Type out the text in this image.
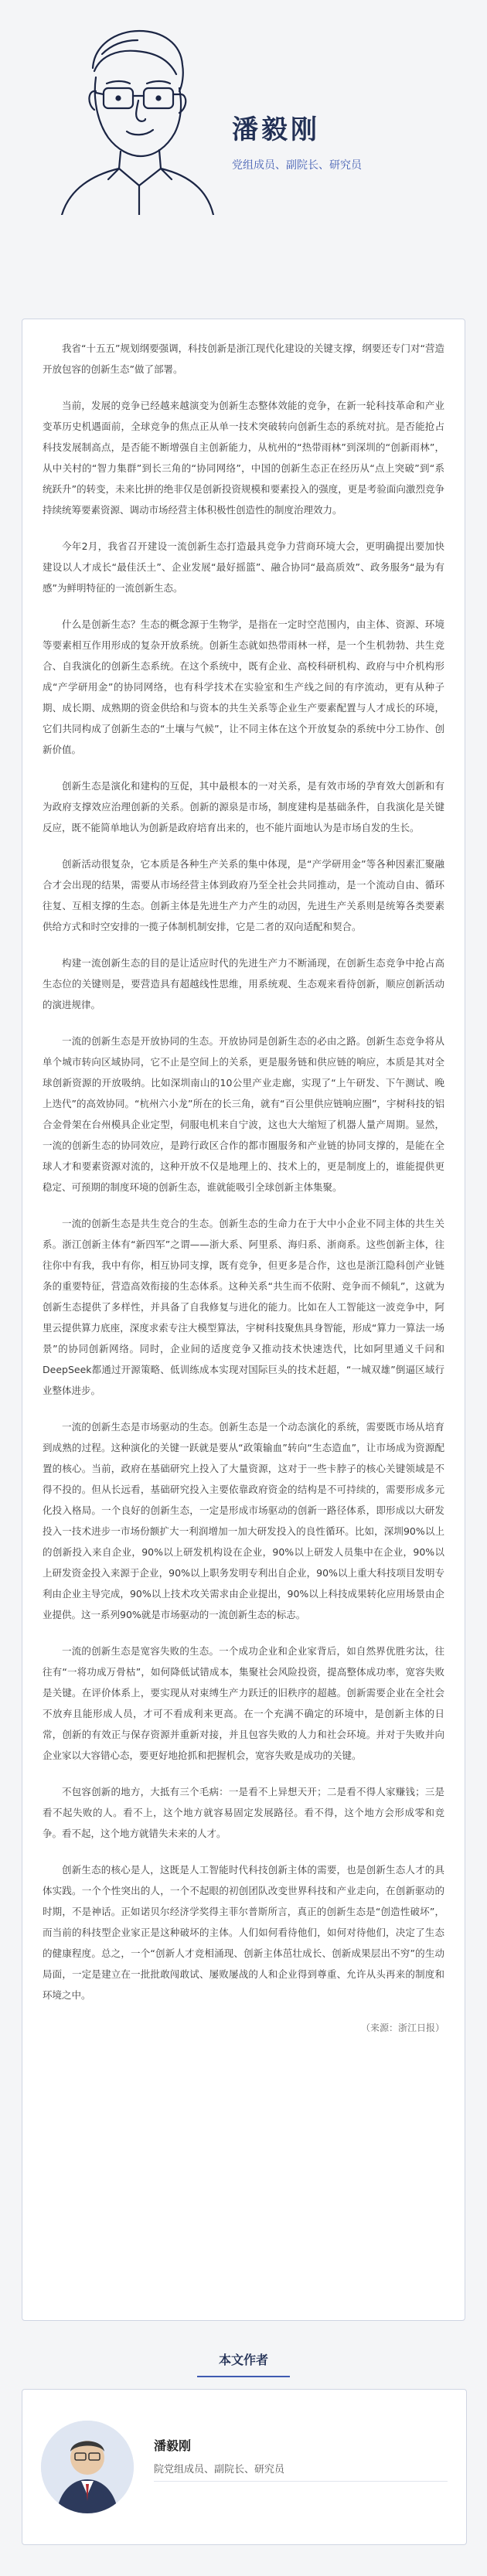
潘毅刚
党组成员、副院长、研究员

我省“十五五”规划纲要强调，科技创新是浙江现代化建设的关键支撑，纲要还专门对“营造开放包容的创新生态”做了部署。

当前，发展的竞争已经越来越演变为创新生态整体效能的竞争，在新一轮科技革命和产业变革历史机遇面前，全球竞争的焦点正从单一技术突破转向创新生态的系统对抗。是否能抢占科技发展制高点，是否能不断增强自主创新能力，从杭州的“热带雨林”到深圳的“创新雨林”，从中关村的“智力集群”到长三角的“协同网络”，中国的创新生态正在经历从“点上突破”到“系统跃升”的转变，未来比拼的绝非仅是创新投资规模和要素投入的强度，更是考验面向激烈竞争持续统筹要素资源、调动市场经营主体积极性创造性的制度治理效力。

今年2月，我省召开建设一流创新生态打造最具竞争力营商环境大会，更明确提出要加快建设以人才成长“最佳沃土”、企业发展“最好摇篮”、融合协同“最高质效”、政务服务“最为有感”为鲜明特征的一流创新生态。

什么是创新生态？生态的概念源于生物学，是指在一定时空范围内，由主体、资源、环境等要素相互作用形成的复杂开放系统。创新生态就如热带雨林一样，是一个生机勃勃、共生竞合、自我演化的创新生态系统。在这个系统中，既有企业、高校科研机构、政府与中介机构形成“产学研用金”的协同网络，也有科学技术在实验室和生产线之间的有序流动，更有从种子期、成长期、成熟期的资金供给和与资本的共生关系等企业生产要素配置与人才成长的环境，它们共同构成了创新生态的“土壤与气候”，让不同主体在这个开放复杂的系统中分工协作、创新价值。

创新生态是演化和建构的互促，其中最根本的一对关系，是有效市场的孕育效大创新和有为政府支撑效应治理创新的关系。创新的源泉是市场，制度建构是基础条件，自我演化是关键反应，既不能简单地认为创新是政府培育出来的，也不能片面地认为是市场自发的生长。

创新活动很复杂，它本质是各种生产关系的集中体现，是“产学研用金”等各种因素汇聚融合才会出现的结果，需要从市场经营主体到政府乃至全社会共同推动，是一个流动自由、循环往复、互相支撑的生态。创新主体是先进生产力产生的动因，先进生产关系则是统筹各类要素供给方式和时空安排的一揽子体制机制安排，它是二者的双向适配和契合。

构建一流创新生态的目的是让适应时代的先进生产力不断涌现，在创新生态竞争中抢占高生态位的关键则是，要营造具有超越线性思维，用系统观、生态观来看待创新，顺应创新活动的演进规律。

一流的创新生态是开放协同的生态。开放协同是创新生态的必由之路。创新生态竞争将从单个城市转向区域协同，它不止是空间上的关系，更是服务链和供应链的响应，本质是其对全球创新资源的开放吸纳。比如深圳南山的10公里产业走廊，实现了“上午研发、下午测试、晚上迭代”的高效协同。“杭州六小龙”所在的长三角，就有“百公里供应链响应圈”，宇树科技的铝合金骨架在台州模具企业定型，伺服电机来自宁波，这也大大缩短了机器人量产周期。显然，一流的创新生态的协同效应，是跨行政区合作的都市圈服务和产业链的协同支撑的，是能在全球人才和要素资源对流的，这种开放不仅是地理上的、技术上的，更是制度上的，谁能提供更稳定、可预期的制度环境的创新生态，谁就能吸引全球创新主体集聚。

一流的创新生态是共生竞合的生态。创新生态的生命力在于大中小企业不同主体的共生关系。浙江创新主体有“新四军”之谓——浙大系、阿里系、海归系、浙商系。这些创新主体，往往你中有我，我中有你，相互协同支撑，既有竞争，但更多是合作，这也是浙江隐科创产业链条的重要特征，营造高效衔接的生态体系。这种关系“共生而不依附、竞争而不倾轧”，这就为创新生态提供了多样性，并具备了自我修复与进化的能力。比如在人工智能这一波竞争中，阿里云提供算力底座，深度求索专注大模型算法，宇树科技聚焦具身智能，形成“算力一算法一场景”的协同创新网络。同时，企业间的适度竞争又推动技术快速迭代，比如阿里通义千问和DeepSeek都通过开源策略、低训练成本实现对国际巨头的技术赶超，“一城双雄”倒逼区域行业整体进步。

一流的创新生态是市场驱动的生态。创新生态是一个动态演化的系统，需要既市场从培育到成熟的过程。这种演化的关键一跃就是要从“政策输血”转向“生态造血”，让市场成为资源配置的核心。当前，政府在基础研究上投入了大量资源，这对于一些卡脖子的核心关键领域是不得不投的。但从长远看，基础研究投入主要依靠政府资金的结构是不可持续的，需要形成多元化投入格局。一个良好的创新生态，一定是形成市场驱动的创新一路径体系，即形成以大研发投入一技术进步一市场份额扩大一利润增加一加大研发投入的良性循环。比如，深圳90%以上的创新投入来自企业，90%以上研发机构设在企业，90%以上研发人员集中在企业，90%以上研发资金投入来源于企业，90%以上职务发明专利出自企业，90%以上重大科技项目发明专利由企业主导完成，90%以上技术攻关需求由企业提出，90%以上科技成果转化应用场景由企业提供。这一系列90%就是市场驱动的一流创新生态的标志。

一流的创新生态是宽容失败的生态。一个成功企业和企业家背后，如自然界优胜劣汰，往往有“一将功成万骨枯”，如何降低试错成本，集聚社会风险投资，提高整体成功率，宽容失败是关键。在评价体系上，要实现从对束缚生产力跃迁的旧秩序的超越。创新需要企业在全社会不放弃且能形成人员，才可不看成利来更高。在一个充满不确定的环境中，是创新主体的日常，创新的有效正与保存资源并重新对接，并且包容失败的人力和社会环境。并对于失败并向企业家以大容错心态，要更好地抢抓和把握机会，宽容失败是成功的关键。

不包容创新的地方，大抵有三个毛病：一是看不上异想天开；二是看不得人家赚钱；三是看不起失败的人。看不上，这个地方就容易固定发展路径。看不得，这个地方会形成零和竞争。看不起，这个地方就错失未来的人才。

创新生态的核心是人，这既是人工智能时代科技创新主体的需要，也是创新生态人才的具体实践。一个个性突出的人，一个不起眼的初创团队改变世界科技和产业走向，在创新驱动的时期，不是神话。正如诺贝尔经济学奖得主菲尔普斯所言，真正的创新生态是“创造性破坏”，而当前的科技型企业家正是这种破坏的主体。人们如何看待他们，如何对待他们，决定了生态的健康程度。总之，一个“创新人才竞相涌现、创新主体茁壮成长、创新成果层出不穷”的生动局面，一定是建立在一批批敢闯敢试、屡败屡战的人和企业得到尊重、允许从头再来的制度和环境之中。

（来源：浙江日报）
本文作者
潘毅刚
院党组成员、副院长、研究员
